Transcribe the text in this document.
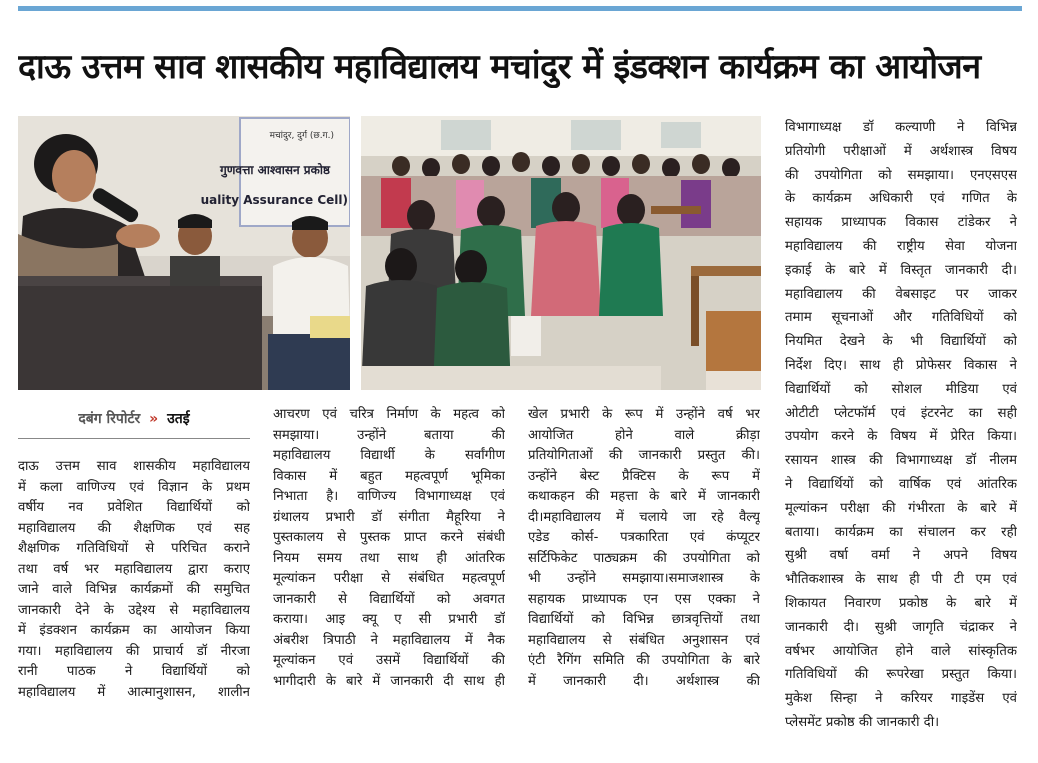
दाऊ उत्तम साव शासकीय महाविद्यालय मचांदुर में इंडक्शन कार्यक्रम का आयोजन
मचांदुर, दुर्ग (छ.ग.)
गुणवत्ता आश्वासन प्रकोष्ठ
uality Assurance Cell)
दबंग रिपोर्टर » उतई
दाऊ उत्तम साव शासकीय महाविद्यालय
में कला वाणिज्य एवं विज्ञान के प्रथम
वर्षीय नव प्रवेशित विद्यार्थियों को
महाविद्यालय की शैक्षणिक एवं सह
शैक्षणिक गतिविधियों से परिचित कराने
तथा वर्ष भर महाविद्यालय द्वारा कराए
जाने वाले विभिन्न कार्यक्रमों की समुचित
जानकारी देने के उद्देश्य से महाविद्यालय
में इंडक्शन कार्यक्रम का आयोजन किया
गया। महाविद्यालय की प्राचार्य डॉ नीरजा
रानी पाठक ने विद्यार्थियों को
महाविद्यालय में आत्मानुशासन, शालीन
आचरण एवं चरित्र निर्माण के महत्व को
समझाया। उन्होंने बताया की
महाविद्यालय विद्यार्थी के सर्वांगीण
विकास में बहुत महत्वपूर्ण भूमिका
निभाता है। वाणिज्य विभागाध्यक्ष एवं
ग्रंथालय प्रभारी डॉ संगीता मैहूरिया ने
पुस्तकालय से पुस्तक प्राप्त करने संबंधी
नियम समय तथा साथ ही आंतरिक
मूल्यांकन परीक्षा से संबंधित महत्वपूर्ण
जानकारी से विद्यार्थियों को अवगत
कराया। आइ क्यू ए सी प्रभारी डॉ
अंबरीश त्रिपाठी ने महाविद्यालय में नैक
मूल्यांकन एवं उसमें विद्यार्थियों की
भागीदारी के बारे में जानकारी दी साथ ही
खेल प्रभारी के रूप में उन्होंने वर्ष भर
आयोजित होने वाले क्रीड़ा
प्रतियोगिताओं की जानकारी प्रस्तुत की।
उन्होंने बेस्ट प्रैक्टिस के रूप में
कथाकहन की महत्ता के बारे में जानकारी
दी।महाविद्यालय में चलाये जा रहे वैल्यू
एडेड कोर्स- पत्रकारिता एवं कंप्यूटर
सर्टिफिकेट पाठ्यक्रम की उपयोगिता को
भी उन्होंने समझाया।समाजशास्त्र के
सहायक प्राध्यापक एन एस एक्का ने
विद्यार्थियों को विभिन्न छात्रवृत्तियों तथा
महाविद्यालय से संबंधित अनुशासन एवं
एंटी रैगिंग समिति की उपयोगिता के बारे
में जानकारी दी। अर्थशास्त्र की
विभागाध्यक्ष डॉ कल्याणी ने विभिन्न
प्रतियोगी परीक्षाओं में अर्थशास्त्र विषय
की उपयोगिता को समझाया। एनएसएस
के कार्यक्रम अधिकारी एवं गणित के
सहायक प्राध्यापक विकास टांडेकर ने
महाविद्यालय की राष्ट्रीय सेवा योजना
इकाई के बारे में विस्तृत जानकारी दी।
महाविद्यालय की वेबसाइट पर जाकर
तमाम सूचनाओं और गतिविधियों को
नियमित देखने के भी विद्यार्थियों को
निर्देश दिए। साथ ही प्रोफेसर विकास ने
विद्यार्थियों को सोशल मीडिया एवं
ओटीटी प्लेटफॉर्म एवं इंटरनेट का सही
उपयोग करने के विषय में प्रेरित किया।
रसायन शास्त्र की विभागाध्यक्ष डॉ नीलम
ने विद्यार्थियों को वार्षिक एवं आंतरिक
मूल्यांकन परीक्षा की गंभीरता के बारे में
बताया। कार्यक्रम का संचालन कर रही
सुश्री वर्षा वर्मा ने अपने विषय
भौतिकशास्त्र के साथ ही पी टी एम एवं
शिकायत निवारण प्रकोष्ठ के बारे में
जानकारी दी। सुश्री जागृति चंद्राकर ने
वर्षभर आयोजित होने वाले सांस्कृतिक
गतिविधियों की रूपरेखा प्रस्तुत किया।
मुकेश सिन्हा ने करियर गाइडेंस एवं
प्लेसमेंट प्रकोष्ठ की जानकारी दी।
